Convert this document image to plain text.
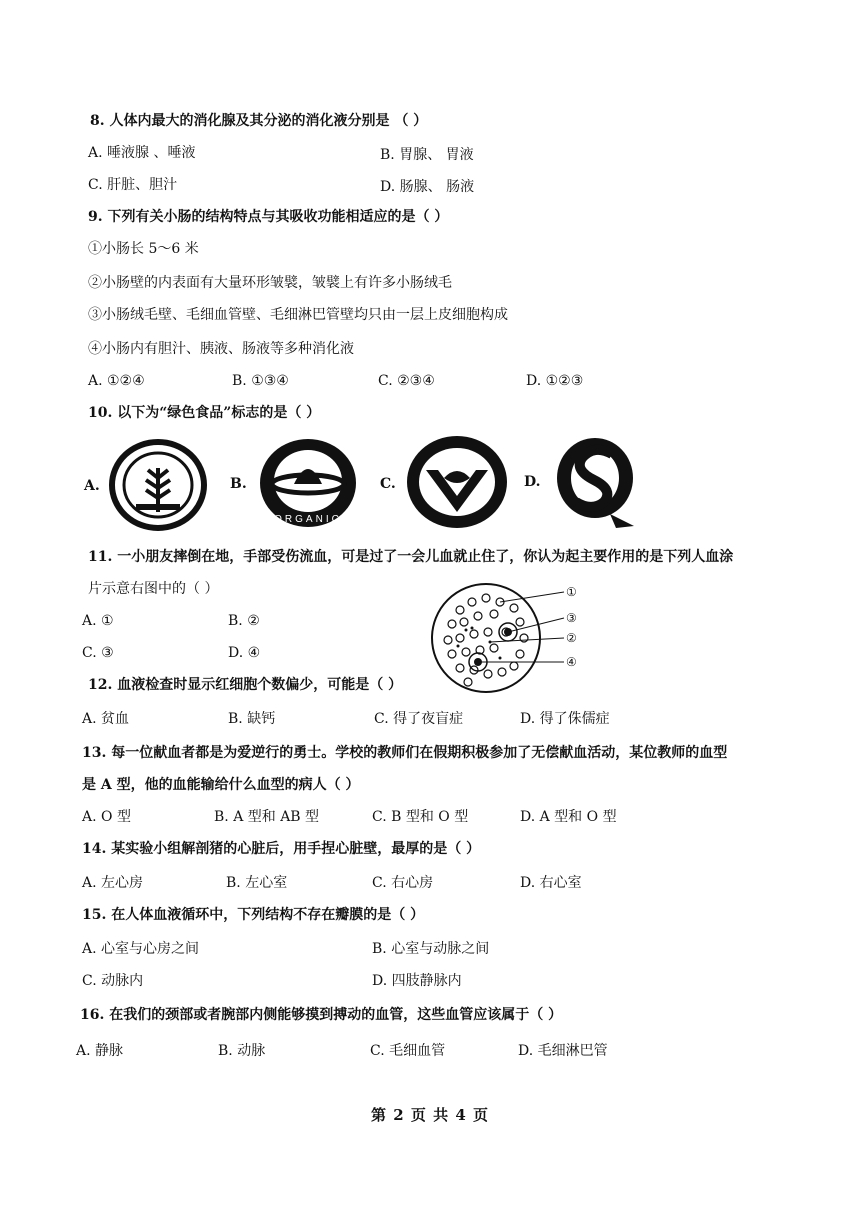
8. 人体内最大的消化腺及其分泌的消化液分别是 （ ）
A. 唾液腺 、唾液	B. 胃腺、 胃液
C. 肝脏、胆汁	D. 肠腺、 肠液
9. 下列有关小肠的结构特点与其吸收功能相适应的是（ ）
①小肠长 5～6 米
②小肠壁的内表面有大量环形皱襞，皱襞上有许多小肠绒毛
③小肠绒毛壁、毛细血管壁、毛细淋巴管壁均只由一层上皮细胞构成
④小肠内有胆汁、胰液、肠液等多种消化液
A. ①②④	B. ①③④	C. ②③④	D. ①②③
10. 以下为“绿色食品”标志的是（ ）
A.	B.
ORGANIC
C.	D.
11. 一小朋友摔倒在地，手部受伤流血，可是过了一会儿血就止住了，你认为起主要作用的是下列人血涂
片示意右图中的（ ）
A. ①	B. ②
C. ③	D. ④
①
③
②
④
12. 血液检查时显示红细胞个数偏少，可能是（ ）
A. 贫血	B. 缺钙	C. 得了夜盲症	D. 得了侏儒症
13. 每一位献血者都是为爱逆行的勇士。学校的教师们在假期积极参加了无偿献血活动，某位教师的血型
是 A 型，他的血能输给什么血型的病人（ ）
A. O 型	B. A 型和 AB 型	C. B 型和 O 型	D. A 型和 O 型
14. 某实验小组解剖猪的心脏后，用手捏心脏壁，最厚的是（ ）
A. 左心房	B. 左心室	C. 右心房	D. 右心室
15. 在人体血液循环中，下列结构不存在瓣膜的是（ ）
A. 心室与心房之间	B. 心室与动脉之间
C. 动脉内	D. 四肢静脉内
16. 在我们的颈部或者腕部内侧能够摸到搏动的血管，这些血管应该属于（ ）
A. 静脉	B. 动脉	C. 毛细血管	D. 毛细淋巴管
第 2 页 共 4 页
